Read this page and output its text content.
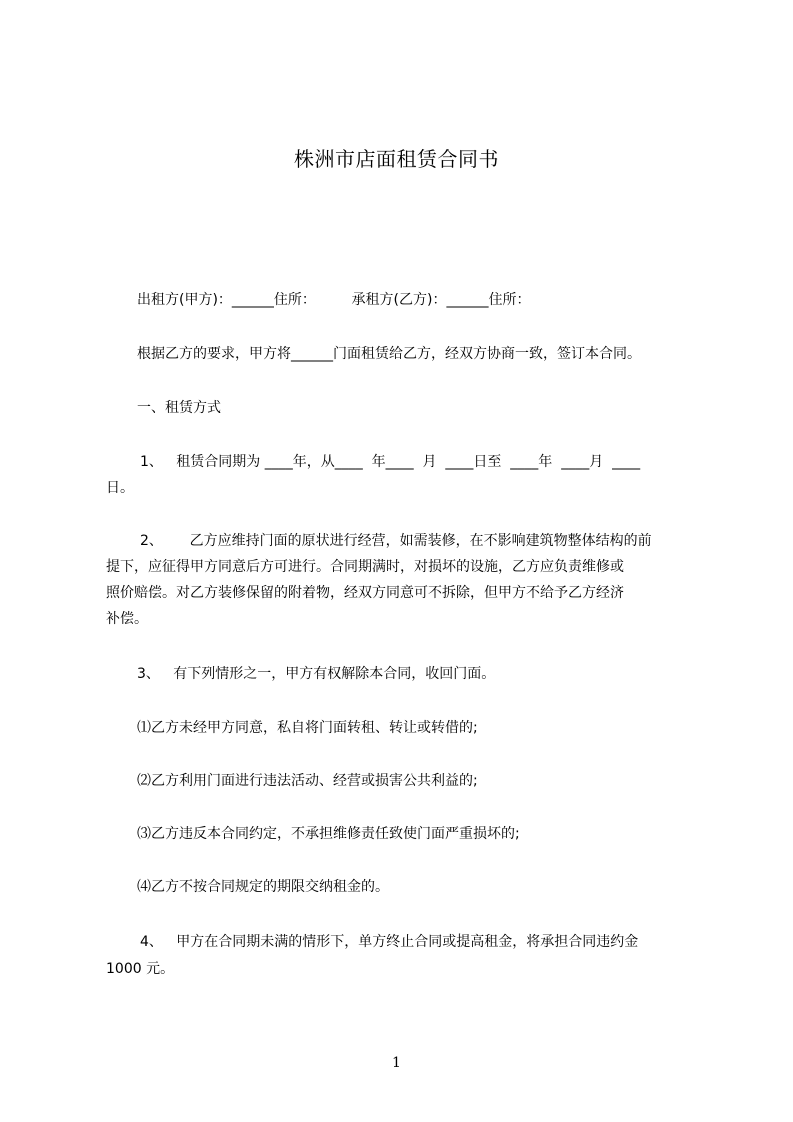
株洲市店面租赁合同书
出租方(甲方)：______住所：        承租方(乙方)：______住所：
根据乙方的要求，甲方将______门面租赁给乙方，经双方协商一致，签订本合同。
一、租赁方式
1、   租赁合同期为 ____年，从____  年____  月  ____日至  ____年  ____月  ____
日。
2、      乙方应维持门面的原状进行经营，如需装修，在不影响建筑物整体结构的前
提下，应征得甲方同意后方可进行。合同期满时，对损坏的设施，乙方应负责维修或
照价赔偿。对乙方装修保留的附着物，经双方同意可不拆除，但甲方不给予乙方经济
补偿。
3、   有下列情形之一，甲方有权解除本合同，收回门面。
⑴乙方未经甲方同意，私自将门面转租、转让或转借的;
⑵乙方利用门面进行违法活动、经营或损害公共利益的;
⑶乙方违反本合同约定，不承担维修责任致使门面严重损坏的;
⑷乙方不按合同规定的期限交纳租金的。
4、   甲方在合同期未满的情形下，单方终止合同或提高租金，将承担合同违约金
1000 元。
1
